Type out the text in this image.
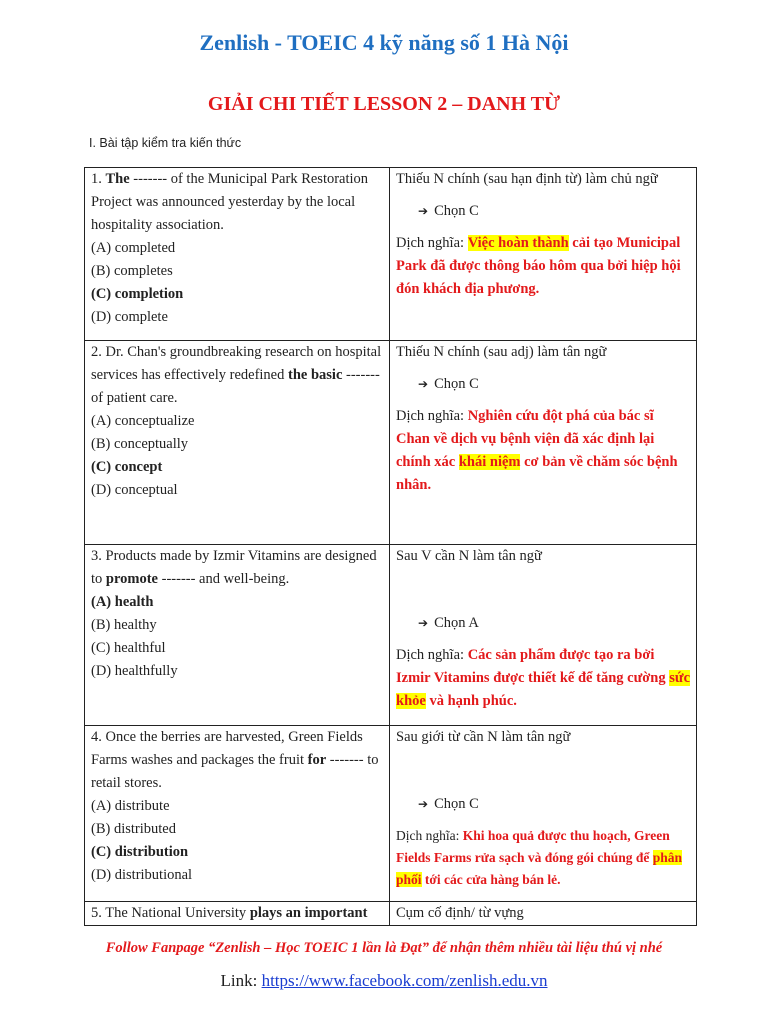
Zenlish - TOEIC 4 kỹ năng số 1 Hà Nội
GIẢI CHI TIẾT LESSON 2 – DANH TỪ
I. Bài tập kiểm tra kiến thức
1. The ------- of the Municipal Park Restoration Project was announced yesterday by the local hospitality association.
(A) completed
(B) completes
(C) completion
(D) complete	Thiếu N chính (sau hạn định từ) làm chủ ngữ
➔ Chọn C
Dịch nghĩa: Việc hoàn thành cải tạo Municipal Park đã được thông báo hôm qua bởi hiệp hội đón khách địa phương.

2. Dr. Chan's groundbreaking research on hospital services has effectively redefined the basic ------- of patient care.
(A) conceptualize
(B) conceptually
(C) concept
(D) conceptual	Thiếu N chính (sau adj) làm tân ngữ
➔ Chọn C
Dịch nghĩa: Nghiên cứu đột phá của bác sĩ Chan về dịch vụ bệnh viện đã xác định lại chính xác khái niệm cơ bản về chăm sóc bệnh nhân.

3. Products made by Izmir Vitamins are designed to promote ------- and well-being.
(A) health
(B) healthy
(C) healthful
(D) healthfully	Sau V cần N làm tân ngữ
➔ Chọn A
Dịch nghĩa: Các sản phẩm được tạo ra bởi Izmir Vitamins được thiết kế để tăng cường sức khỏe và hạnh phúc.

4. Once the berries are harvested, Green Fields Farms washes and packages the fruit for ------- to retail stores.
(A) distribute
(B) distributed
(C) distribution
(D) distributional	Sau giới từ cần N làm tân ngữ
➔ Chọn C
Dịch nghĩa: Khi hoa quả được thu hoạch, Green Fields Farms rửa sạch và đóng gói chúng để phân phối tới các cửa hàng bán lẻ.

5. The National University plays an important	Cụm cố định/ từ vựng
Follow Fanpage “Zenlish – Học TOEIC 1 lần là Đạt” để nhận thêm nhiều tài liệu thú vị nhé
Link: https://www.facebook.com/zenlish.edu.vn
